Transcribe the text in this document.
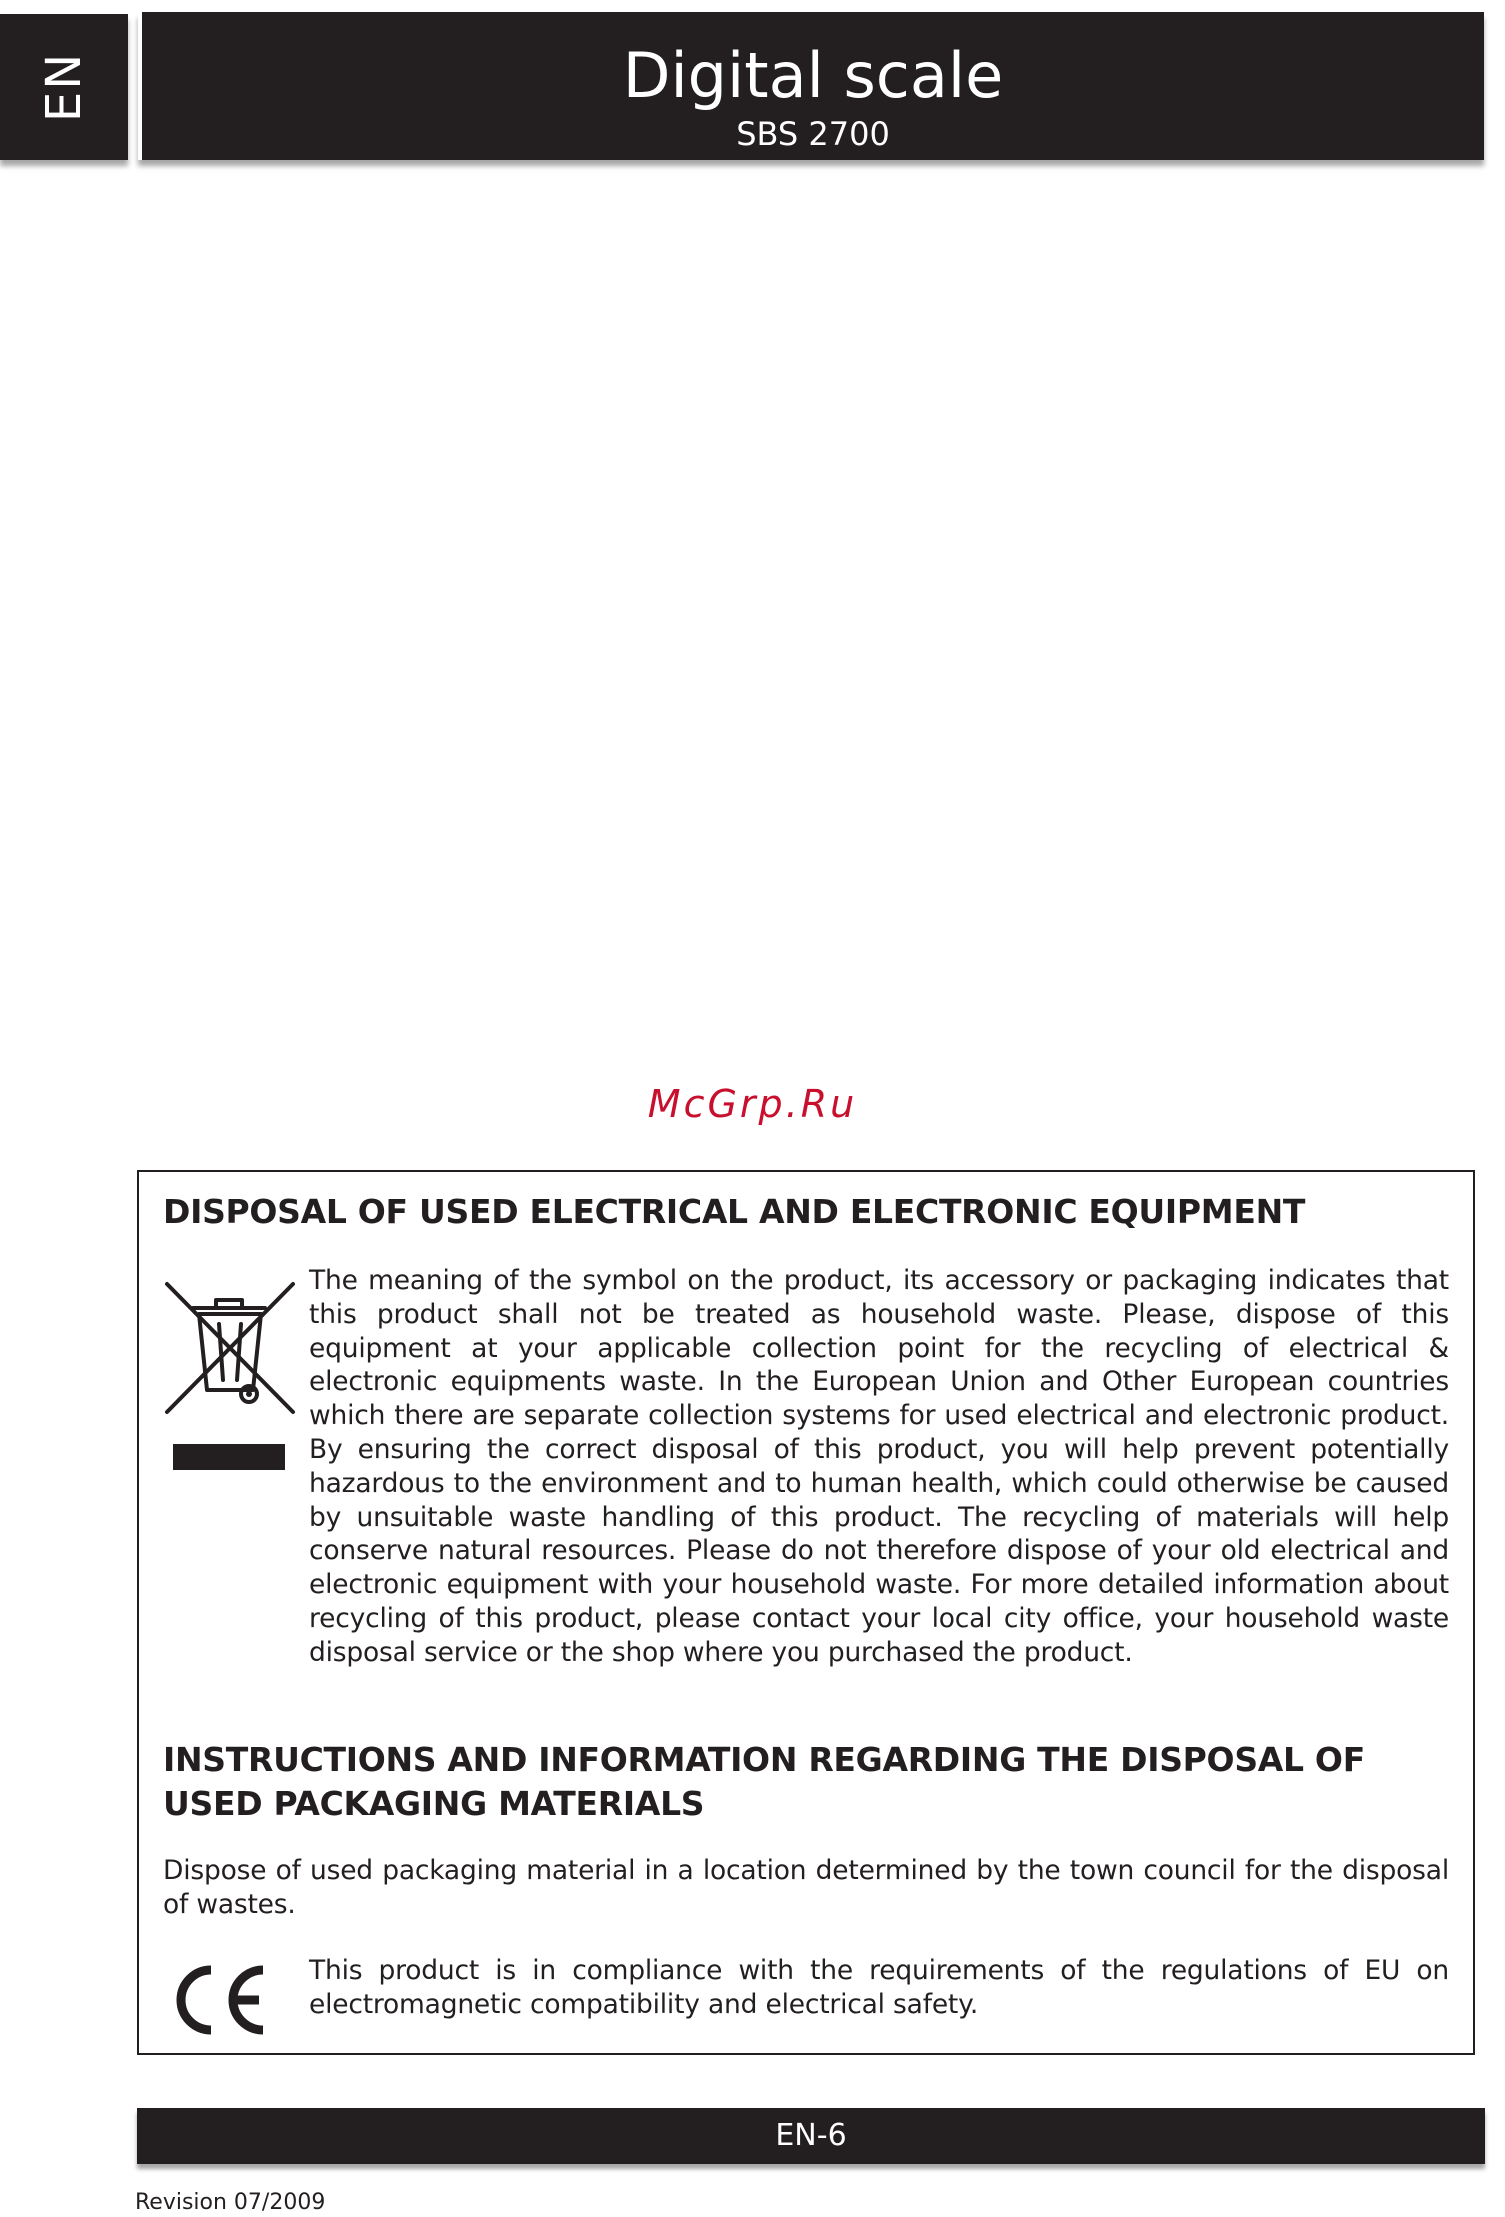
EN	Digital scale
SBS 2700
McGrp.Ru
DISPOSAL OF USED ELECTRICAL AND ELECTRONIC EQUIPMENT
The meaning of the symbol on the product, its accessory or packaging indicates that this product shall not be treated as household waste. Please, dispose of this equipment at your applicable collection point for the recycling of electrical & electronic equipments waste. In the European Union and Other European countries which there are separate collection systems for used electrical and electronic product. By ensuring the correct disposal of this product, you will help prevent potentially hazardous to the environment and to human health, which could otherwise be caused by unsuitable waste handling of this product. The recycling of materials will help conserve natural resources. Please do not therefore dispose of your old electrical and electronic equipment with your household waste. For more detailed information about recycling of this product, please contact your local city office, your household waste disposal service or the shop where you purchased the product.
INSTRUCTIONS AND INFORMATION REGARDING THE DISPOSAL OF USED PACKAGING MATERIALS
Dispose of used packaging material in a location determined by the town council for the disposal of wastes.
This product is in compliance with the requirements of the regulations of EU on electromagnetic compatibility and electrical safety.
EN-6
Revision 07/2009
